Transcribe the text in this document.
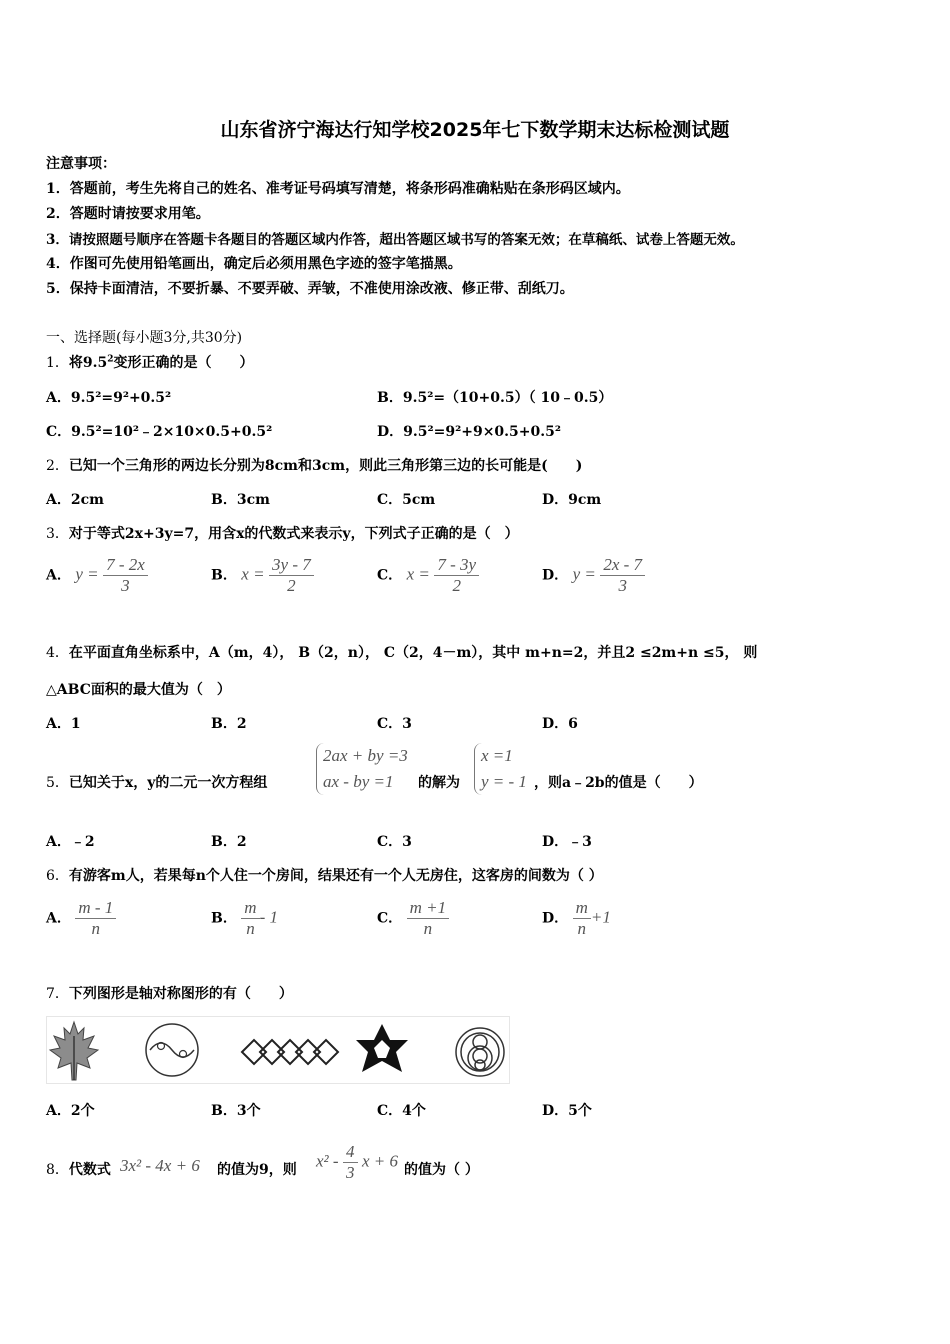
山东省济宁海达行知学校2025年七下数学期末达标检测试题
注意事项：
1．答题前，考生先将自己的姓名、准考证号码填写清楚，将条形码准确粘贴在条形码区域内。
2．答题时请按要求用笔。
3．请按照题号顺序在答题卡各题目的答题区域内作答，超出答题区域书写的答案无效；在草稿纸、试卷上答题无效。
4．作图可先使用铅笔画出，确定后必须用黑色字迹的签字笔描黑。
5．保持卡面清洁，不要折暴、不要弄破、弄皱，不准使用涂改液、修正带、刮纸刀。
一、选择题(每小题3分,共30分)
1．将$9.5^2$变形正确的是（　　）
A．9.5²=9²+0.5²	B．9.5²=（10+0.5）（ 10﹣0.5）
C．9.5²=10²﹣2×10×0.5+0.5²	D．9.5²=9²+9×0.5+0.5²
2．已知一个三角形的两边长分别为8cm和3cm，则此三角形第三边的长可能是(　　)
A．2cm	B．3cm	C．5cm	D．9cm
3．对于等式2x+3y=7，用含x的代数式来表示y，下列式子正确的是（　）
A． $y = \frac{7 - 2x}{3}$	B． $x = \frac{3y - 7}{2}$	C． $x = \frac{7 - 3y}{2}$	D． $y = \frac{2x - 7}{3}$
4．在平面直角坐标系中，A（m，4）， B（2，n）， C（2，4－m），其中 m+n=2，并且2 ≤2m+n ≤5， 则
△ABC面积的最大值为（　）
A．1	B．2	C．3	D．6
5．已知关于x，y的二元一次方程组
2ax + by =3
ax - by =1	的解为
x =1
y = - 1 ，则a﹣2b的值是（　　）
A．﹣2	B．2	C．3	D．﹣3
6．有游客m人，若果每n个人住一个房间，结果还有一个人无房住，这客房的间数为（ ）
A． $\frac{m - 1}{n}$	B． $\frac{m}{n} - 1$	C． $\frac{m +1}{n}$	D． $\frac{m}{n} +1$
7．下列图形是轴对称图形的有（　　）
A．2个	B．3个	C．4个	D．5个
8．代数式 3x² - 4x + 6 的值为9，则 $x^2 - \frac{4}{3}$ x + 6 的值为（ ）
